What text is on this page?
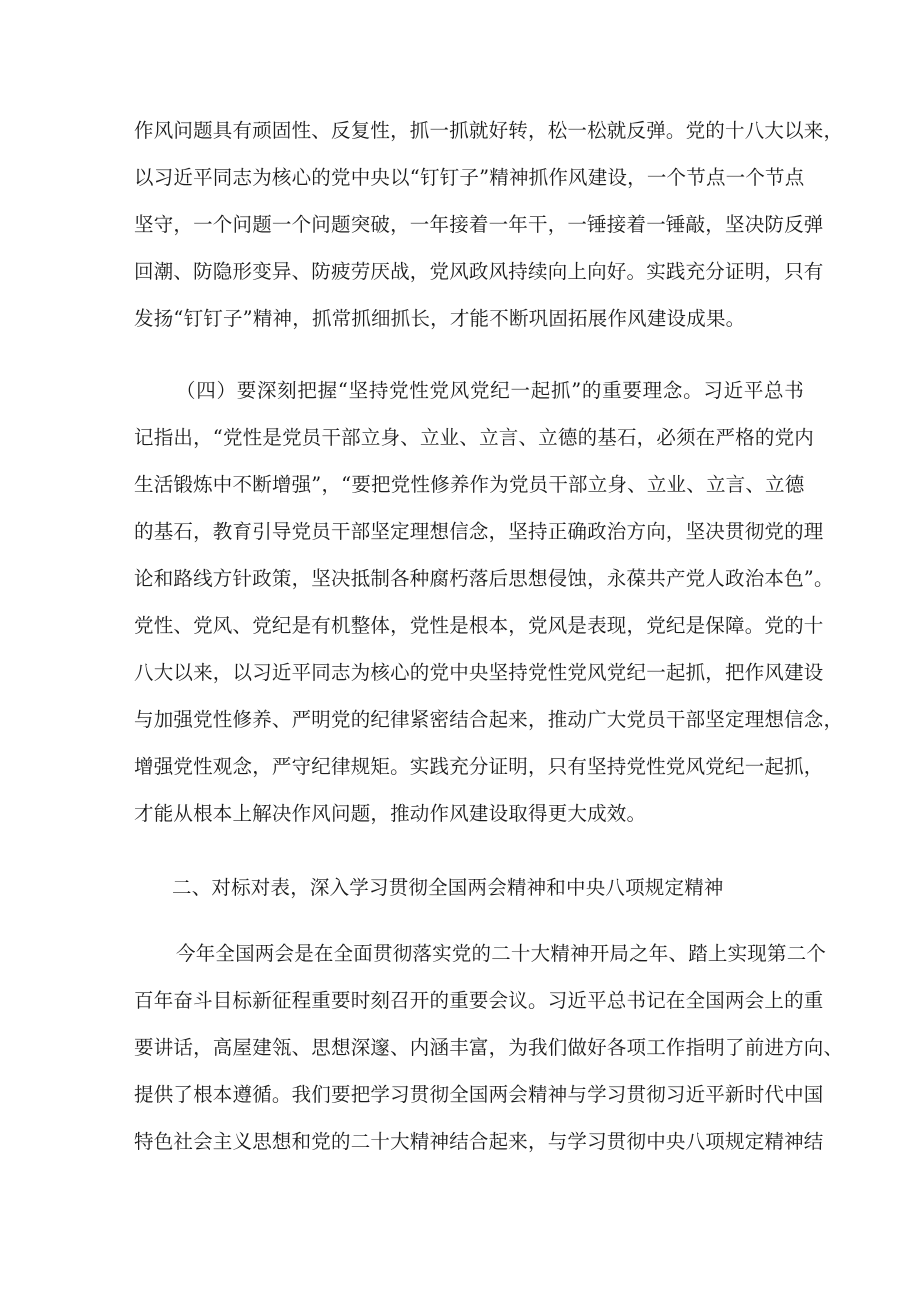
作风问题具有顽固性、反复性，抓一抓就好转，松一松就反弹。党的十八大以来，
以习近平同志为核心的党中央以“钉钉子”精神抓作风建设，一个节点一个节点
坚守，一个问题一个问题突破，一年接着一年干，一锤接着一锤敲，坚决防反弹
回潮、防隐形变异、防疲劳厌战，党风政风持续向上向好。实践充分证明，只有
发扬“钉钉子”精神，抓常抓细抓长，才能不断巩固拓展作风建设成果。
（四）要深刻把握“坚持党性党风党纪一起抓”的重要理念。习近平总书
记指出，“党性是党员干部立身、立业、立言、立德的基石，必须在严格的党内
生活锻炼中不断增强”，“要把党性修养作为党员干部立身、立业、立言、立德
的基石，教育引导党员干部坚定理想信念，坚持正确政治方向，坚决贯彻党的理
论和路线方针政策，坚决抵制各种腐朽落后思想侵蚀，永葆共产党人政治本色”。
党性、党风、党纪是有机整体，党性是根本，党风是表现，党纪是保障。党的十
八大以来，以习近平同志为核心的党中央坚持党性党风党纪一起抓，把作风建设
与加强党性修养、严明党的纪律紧密结合起来，推动广大党员干部坚定理想信念，
增强党性观念，严守纪律规矩。实践充分证明，只有坚持党性党风党纪一起抓，
才能从根本上解决作风问题，推动作风建设取得更大成效。
二、对标对表，深入学习贯彻全国两会精神和中央八项规定精神
今年全国两会是在全面贯彻落实党的二十大精神开局之年、踏上实现第二个
百年奋斗目标新征程重要时刻召开的重要会议。习近平总书记在全国两会上的重
要讲话，高屋建瓴、思想深邃、内涵丰富，为我们做好各项工作指明了前进方向、
提供了根本遵循。我们要把学习贯彻全国两会精神与学习贯彻习近平新时代中国
特色社会主义思想和党的二十大精神结合起来，与学习贯彻中央八项规定精神结
